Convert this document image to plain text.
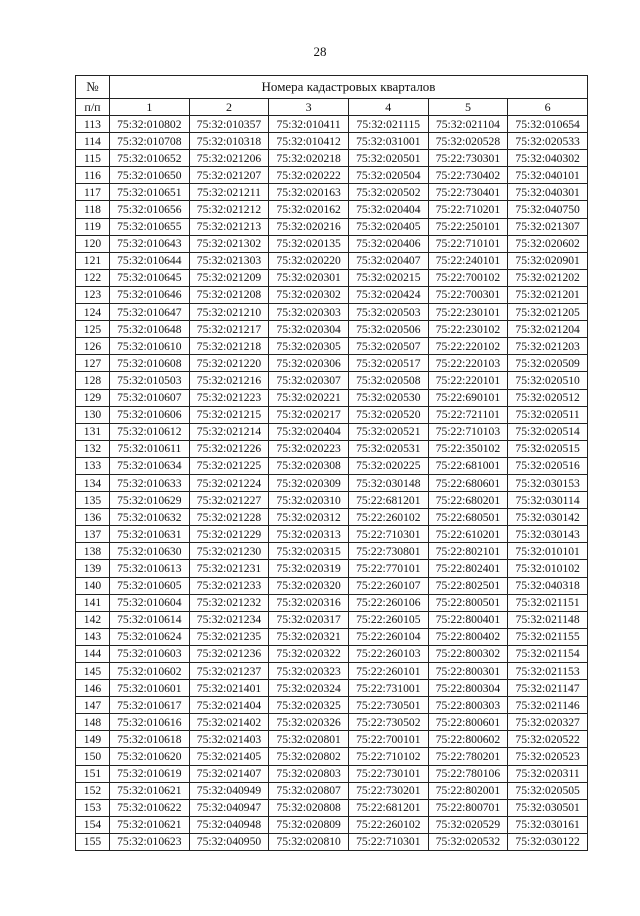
28
№	Номера кадастровых кварталов					
п/п	1	2	3	4	5	6
113	75:32:010802	75:32:010357	75:32:010411	75:32:021115	75:32:021104	75:32:010654
114	75:32:010708	75:32:010318	75:32:010412	75:32:031001	75:32:020528	75:32:020533
115	75:32:010652	75:32:021206	75:32:020218	75:32:020501	75:22:730301	75:32:040302
116	75:32:010650	75:32:021207	75:32:020222	75:32:020504	75:22:730402	75:32:040101
117	75:32:010651	75:32:021211	75:32:020163	75:32:020502	75:22:730401	75:32:040301
118	75:32:010656	75:32:021212	75:32:020162	75:32:020404	75:22:710201	75:32:040750
119	75:32:010655	75:32:021213	75:32:020216	75:32:020405	75:22:250101	75:32:021307
120	75:32:010643	75:32:021302	75:32:020135	75:32:020406	75:22:710101	75:32:020602
121	75:32:010644	75:32:021303	75:32:020220	75:32:020407	75:22:240101	75:32:020901
122	75:32:010645	75:32:021209	75:32:020301	75:32:020215	75:22:700102	75:32:021202
123	75:32:010646	75:32:021208	75:32:020302	75:32:020424	75:22:700301	75:32:021201
124	75:32:010647	75:32:021210	75:32:020303	75:32:020503	75:22:230101	75:32:021205
125	75:32:010648	75:32:021217	75:32:020304	75:32:020506	75:22:230102	75:32:021204
126	75:32:010610	75:32:021218	75:32:020305	75:32:020507	75:22:220102	75:32:021203
127	75:32:010608	75:32:021220	75:32:020306	75:32:020517	75:22:220103	75:32:020509
128	75:32:010503	75:32:021216	75:32:020307	75:32:020508	75:22:220101	75:32:020510
129	75:32:010607	75:32:021223	75:32:020221	75:32:020530	75:22:690101	75:32:020512
130	75:32:010606	75:32:021215	75:32:020217	75:32:020520	75:22:721101	75:32:020511
131	75:32:010612	75:32:021214	75:32:020404	75:32:020521	75:22:710103	75:32:020514
132	75:32:010611	75:32:021226	75:32:020223	75:32:020531	75:22:350102	75:32:020515
133	75:32:010634	75:32:021225	75:32:020308	75:32:020225	75:22:681001	75:32:020516
134	75:32:010633	75:32:021224	75:32:020309	75:32:030148	75:22:680601	75:32:030153
135	75:32:010629	75:32:021227	75:32:020310	75:22:681201	75:22:680201	75:32:030114
136	75:32:010632	75:32:021228	75:32:020312	75:22:260102	75:22:680501	75:32:030142
137	75:32:010631	75:32:021229	75:32:020313	75:22:710301	75:22:610201	75:32:030143
138	75:32:010630	75:32:021230	75:32:020315	75:22:730801	75:22:802101	75:32:010101
139	75:32:010613	75:32:021231	75:32:020319	75:22:770101	75:22:802401	75:32:010102
140	75:32:010605	75:32:021233	75:32:020320	75:22:260107	75:22:802501	75:32:040318
141	75:32:010604	75:32:021232	75:32:020316	75:22:260106	75:22:800501	75:32:021151
142	75:32:010614	75:32:021234	75:32:020317	75:22:260105	75:22:800401	75:32:021148
143	75:32:010624	75:32:021235	75:32:020321	75:22:260104	75:22:800402	75:32:021155
144	75:32:010603	75:32:021236	75:32:020322	75:22:260103	75:22:800302	75:32:021154
145	75:32:010602	75:32:021237	75:32:020323	75:22:260101	75:22:800301	75:32:021153
146	75:32:010601	75:32:021401	75:32:020324	75:22:731001	75:22:800304	75:32:021147
147	75:32:010617	75:32:021404	75:32:020325	75:22:730501	75:22:800303	75:32:021146
148	75:32:010616	75:32:021402	75:32:020326	75:22:730502	75:22:800601	75:32:020327
149	75:32:010618	75:32:021403	75:32:020801	75:22:700101	75:22:800602	75:32:020522
150	75:32:010620	75:32:021405	75:32:020802	75:22:710102	75:22:780201	75:32:020523
151	75:32:010619	75:32:021407	75:32:020803	75:22:730101	75:22:780106	75:32:020311
152	75:32:010621	75:32:040949	75:32:020807	75:22:730201	75:22:802001	75:32:020505
153	75:32:010622	75:32:040947	75:32:020808	75:22:681201	75:22:800701	75:32:030501
154	75:32:010621	75:32:040948	75:32:020809	75:22:260102	75:32:020529	75:32:030161
155	75:32:010623	75:32:040950	75:32:020810	75:22:710301	75:32:020532	75:32:030122
